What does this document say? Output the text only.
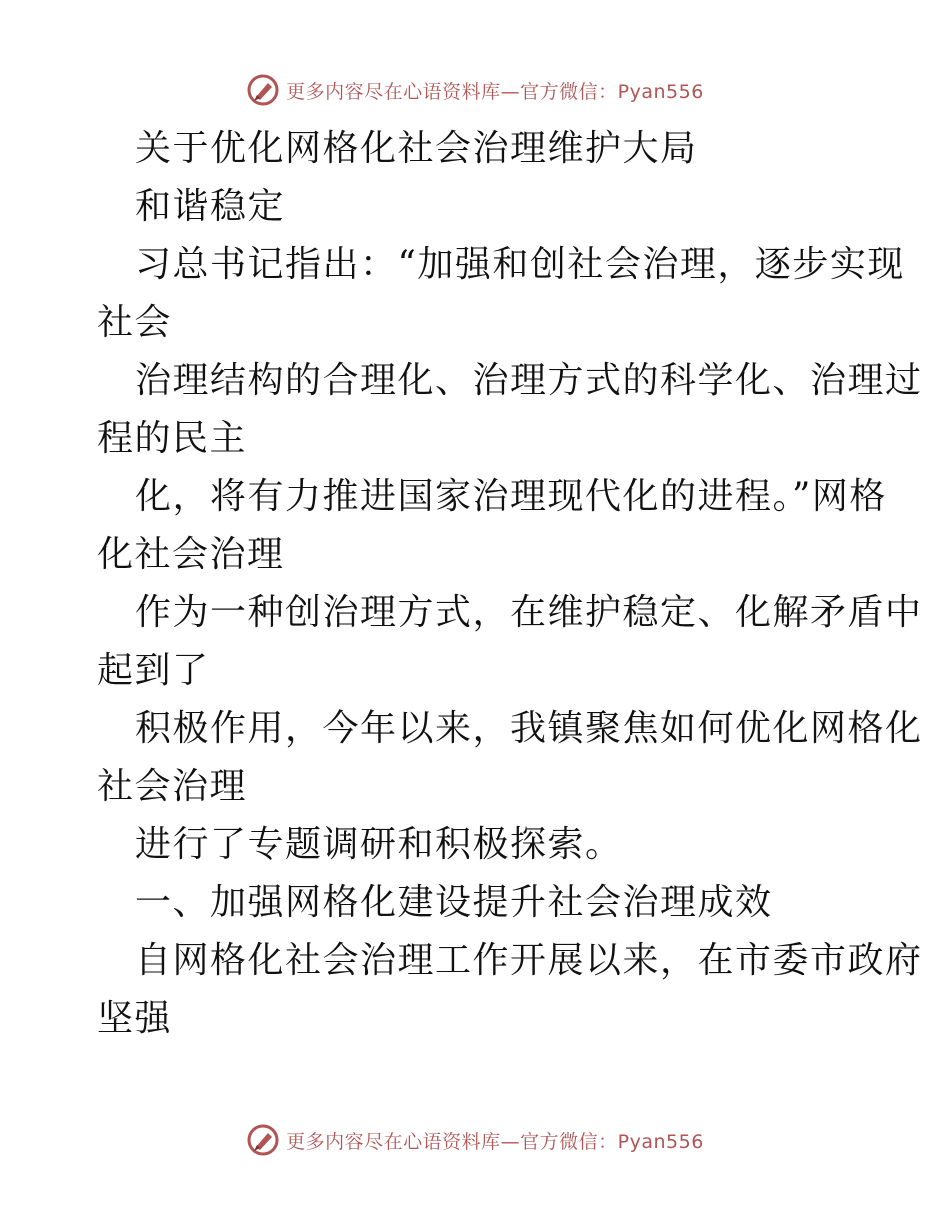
更多内容尽在心语资料库—官方微信：Pyan556
关于优化网格化社会治理维护大局
和谐稳定
习总书记指出：“加强和创社会治理，逐步实现
社会
治理结构的合理化、治理方式的科学化、治理过
程的民主
化，将有力推进国家治理现代化的进程。”网格
化社会治理
作为一种创治理方式，在维护稳定、化解矛盾中
起到了
积极作用，今年以来，我镇聚焦如何优化网格化
社会治理
进行了专题调研和积极探索。
一、加强网格化建设提升社会治理成效
自网格化社会治理工作开展以来，在市委市政府
坚强
更多内容尽在心语资料库—官方微信：Pyan556
